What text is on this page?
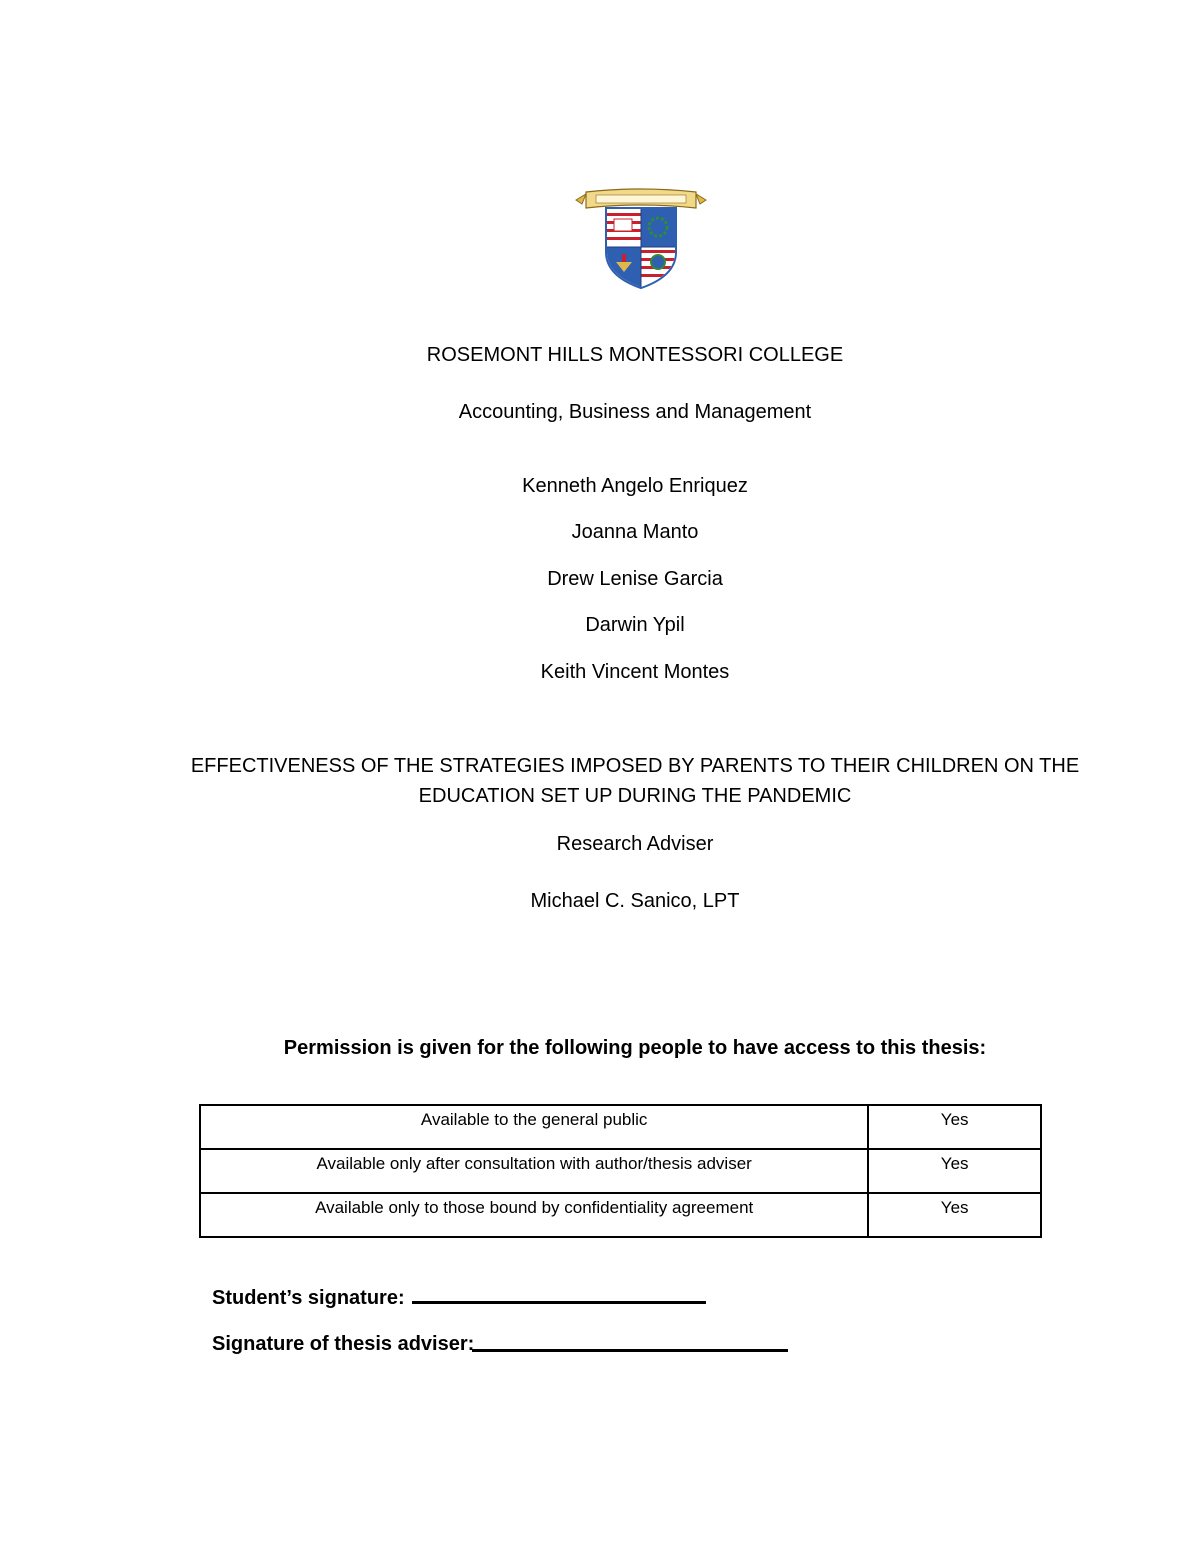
ROSEMONT HILLS MONTESSORI COLLEGE
Accounting, Business and Management
Kenneth Angelo Enriquez
Joanna Manto
Drew Lenise Garcia
Darwin Ypil
Keith Vincent Montes
EFFECTIVENESS OF THE STRATEGIES IMPOSED BY PARENTS TO THEIR CHILDREN ON THE EDUCATION SET UP DURING THE PANDEMIC
Research Adviser
Michael C. Sanico, LPT
Permission is given for the following people to have access to this thesis:
Available to the general public	Yes
Available only after consultation with author/thesis adviser	Yes
Available only to those bound by confidentiality agreement	Yes
Student’s signature:
Signature of thesis adviser:
